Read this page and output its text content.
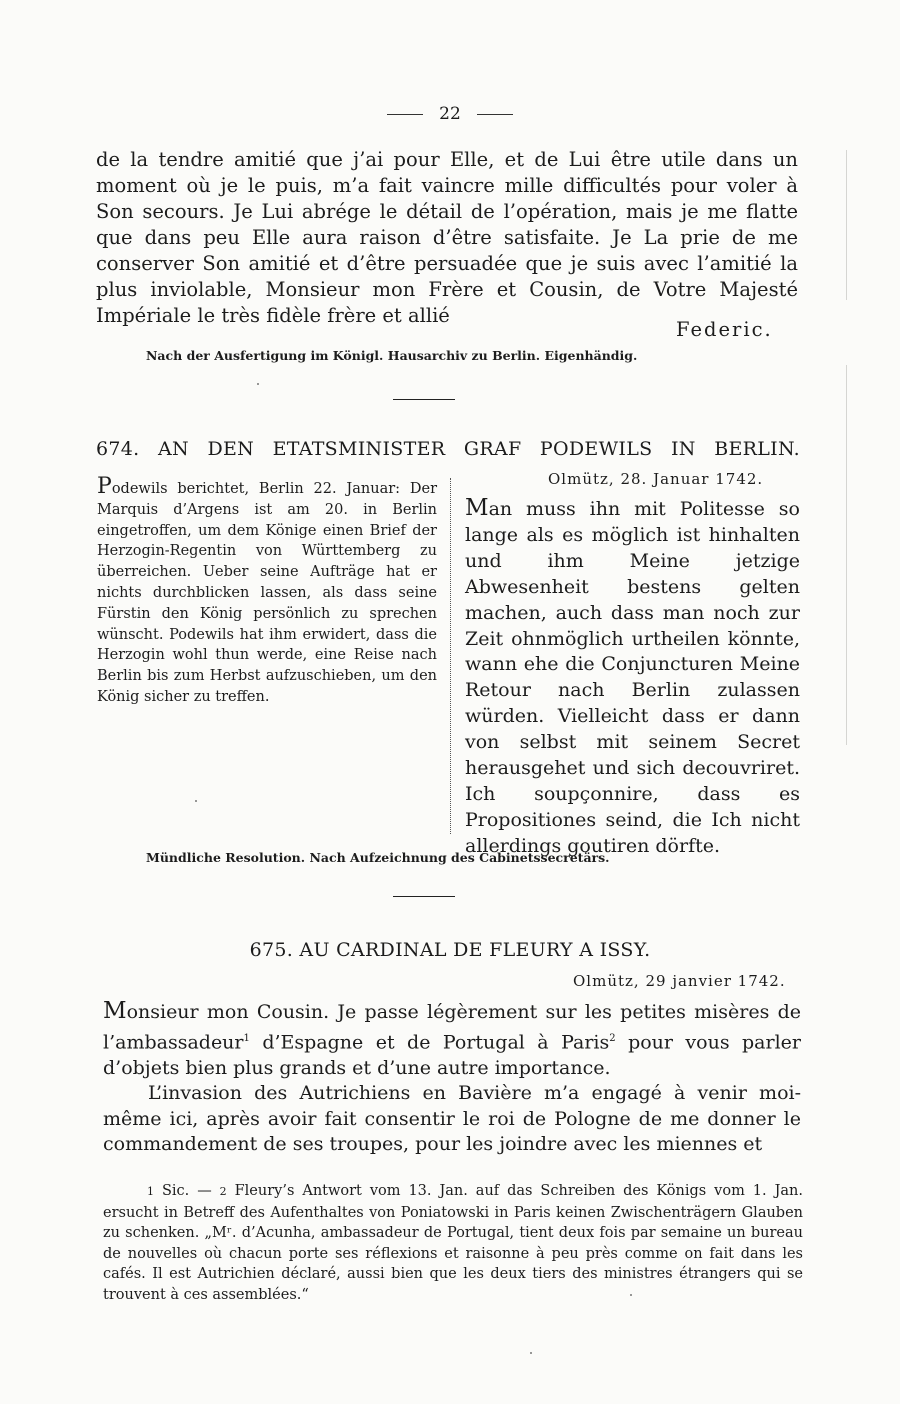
22

de la tendre amitié que j’ai pour Elle, et de Lui être utile dans un moment où je le puis, m’a fait vaincre mille difficultés pour voler à Son secours. Je Lui abrége le détail de l’opération, mais je me flatte que dans peu Elle aura raison d’être satisfaite. Je La prie de me conserver Son amitié et d’être persuadée que je suis avec l’amitié la plus inviolable, Monsieur mon Frère et Cousin, de Votre Majesté Impériale le très fidèle frère et allié

Federic.
Nach der Ausfertigung im Königl. Hausarchiv zu Berlin. Eigenhändig.
674. AN DEN ETATSMINISTER GRAF PODEWILS IN BERLIN.

Podewils berichtet, Berlin 22. Januar: Der Marquis d’Argens ist am 20. in Berlin eingetroffen, um dem Könige einen Brief der Herzogin-Regentin von Württemberg zu überreichen. Ueber seine Aufträge hat er nichts durchblicken lassen, als dass seine Fürstin den König persönlich zu sprechen wünscht. Podewils hat ihm erwidert, dass die Herzogin wohl thun werde, eine Reise nach Berlin bis zum Herbst aufzuschieben, um den König sicher zu treffen.

Olmütz, 28. Januar 1742.

Man muss ihn mit Politesse so lange als es möglich ist hinhalten und ihm Meine jetzige Abwesenheit bestens gelten machen, auch dass man noch zur Zeit ohnmöglich urtheilen könnte, wann ehe die Conjuncturen Meine Retour nach Berlin zulassen würden. Vielleicht dass er dann von selbst mit seinem Secret herausgehet und sich decouvriret. Ich soupçonnire, dass es Propositiones seind, die Ich nicht allerdings goutiren dörfte.

Mündliche Resolution. Nach Aufzeichnung des Cabinetssecretärs.
675. AU CARDINAL DE FLEURY A ISSY.
Olmütz, 29 janvier 1742.

Monsieur mon Cousin. Je passe légèrement sur les petites misères de l’ambassadeur$^1$ d’Espagne et de Portugal à Paris$^2$ pour vous parler d’objets bien plus grands et d’une autre importance.

L’invasion des Autrichiens en Bavière m’a engagé à venir moi-même ici, après avoir fait consentir le roi de Pologne de me donner le commandement de ses troupes, pour les joindre avec les miennes et

1 Sic. — 2 Fleury’s Antwort vom 13. Jan. auf das Schreiben des Königs vom 1. Jan. ersucht in Betreff des Aufenthaltes von Poniatowski in Paris keinen Zwischenträgern Glauben zu schenken. „Mʳ. d’Acunha, ambassadeur de Portugal, tient deux fois par semaine un bureau de nouvelles où chacun porte ses réflexions et raisonne à peu près comme on fait dans les cafés. Il est Autrichien déclaré, aussi bien que les deux tiers des ministres étrangers qui se trouvent à ces assemblées.“
